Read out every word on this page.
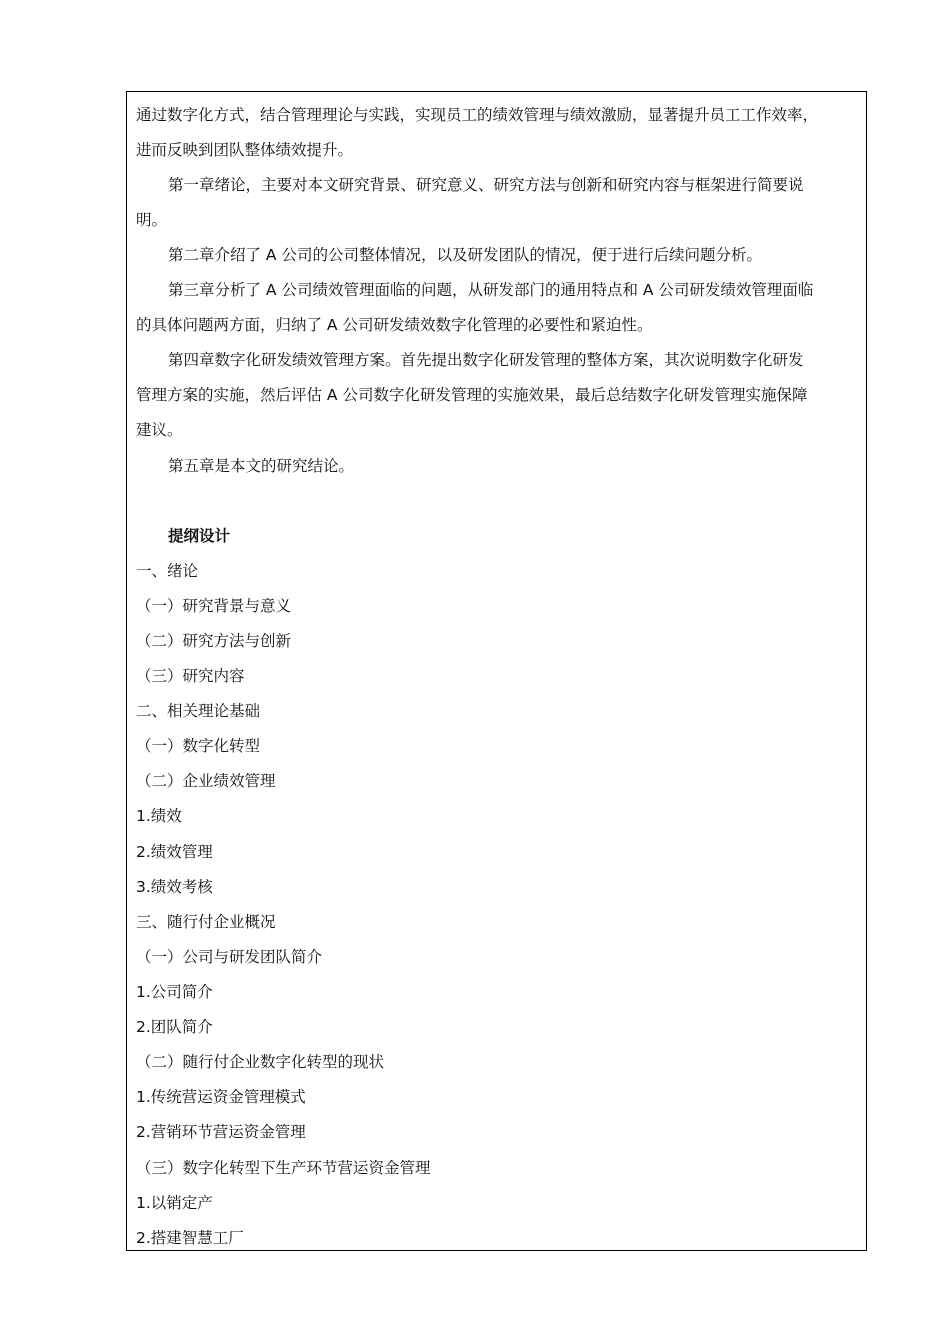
通过数字化方式，结合管理理论与实践，实现员工的绩效管理与绩效激励，显著提升员工工作效率，
进而反映到团队整体绩效提升。
第一章绪论，主要对本文研究背景、研究意义、研究方法与创新和研究内容与框架进行简要说
明。
第二章介绍了 A 公司的公司整体情况，以及研发团队的情况，便于进行后续问题分析。
第三章分析了 A 公司绩效管理面临的问题，从研发部门的通用特点和 A 公司研发绩效管理面临
的具体问题两方面，归纳了 A 公司研发绩效数字化管理的必要性和紧迫性。
第四章数字化研发绩效管理方案。首先提出数字化研发管理的整体方案，其次说明数字化研发
管理方案的实施，然后评估 A 公司数字化研发管理的实施效果，最后总结数字化研发管理实施保障
建议。
第五章是本文的研究结论。
提纲设计
一、绪论
（一）研究背景与意义
（二）研究方法与创新
（三）研究内容
二、相关理论基础
（一）数字化转型
（二）企业绩效管理
1.绩效
2.绩效管理
3.绩效考核
三、随行付企业概况
（一）公司与研发团队简介
1.公司简介
2.团队简介
（二）随行付企业数字化转型的现状
1.传统营运资金管理模式
2.营销环节营运资金管理
（三）数字化转型下生产环节营运资金管理
1.以销定产
2.搭建智慧工厂
